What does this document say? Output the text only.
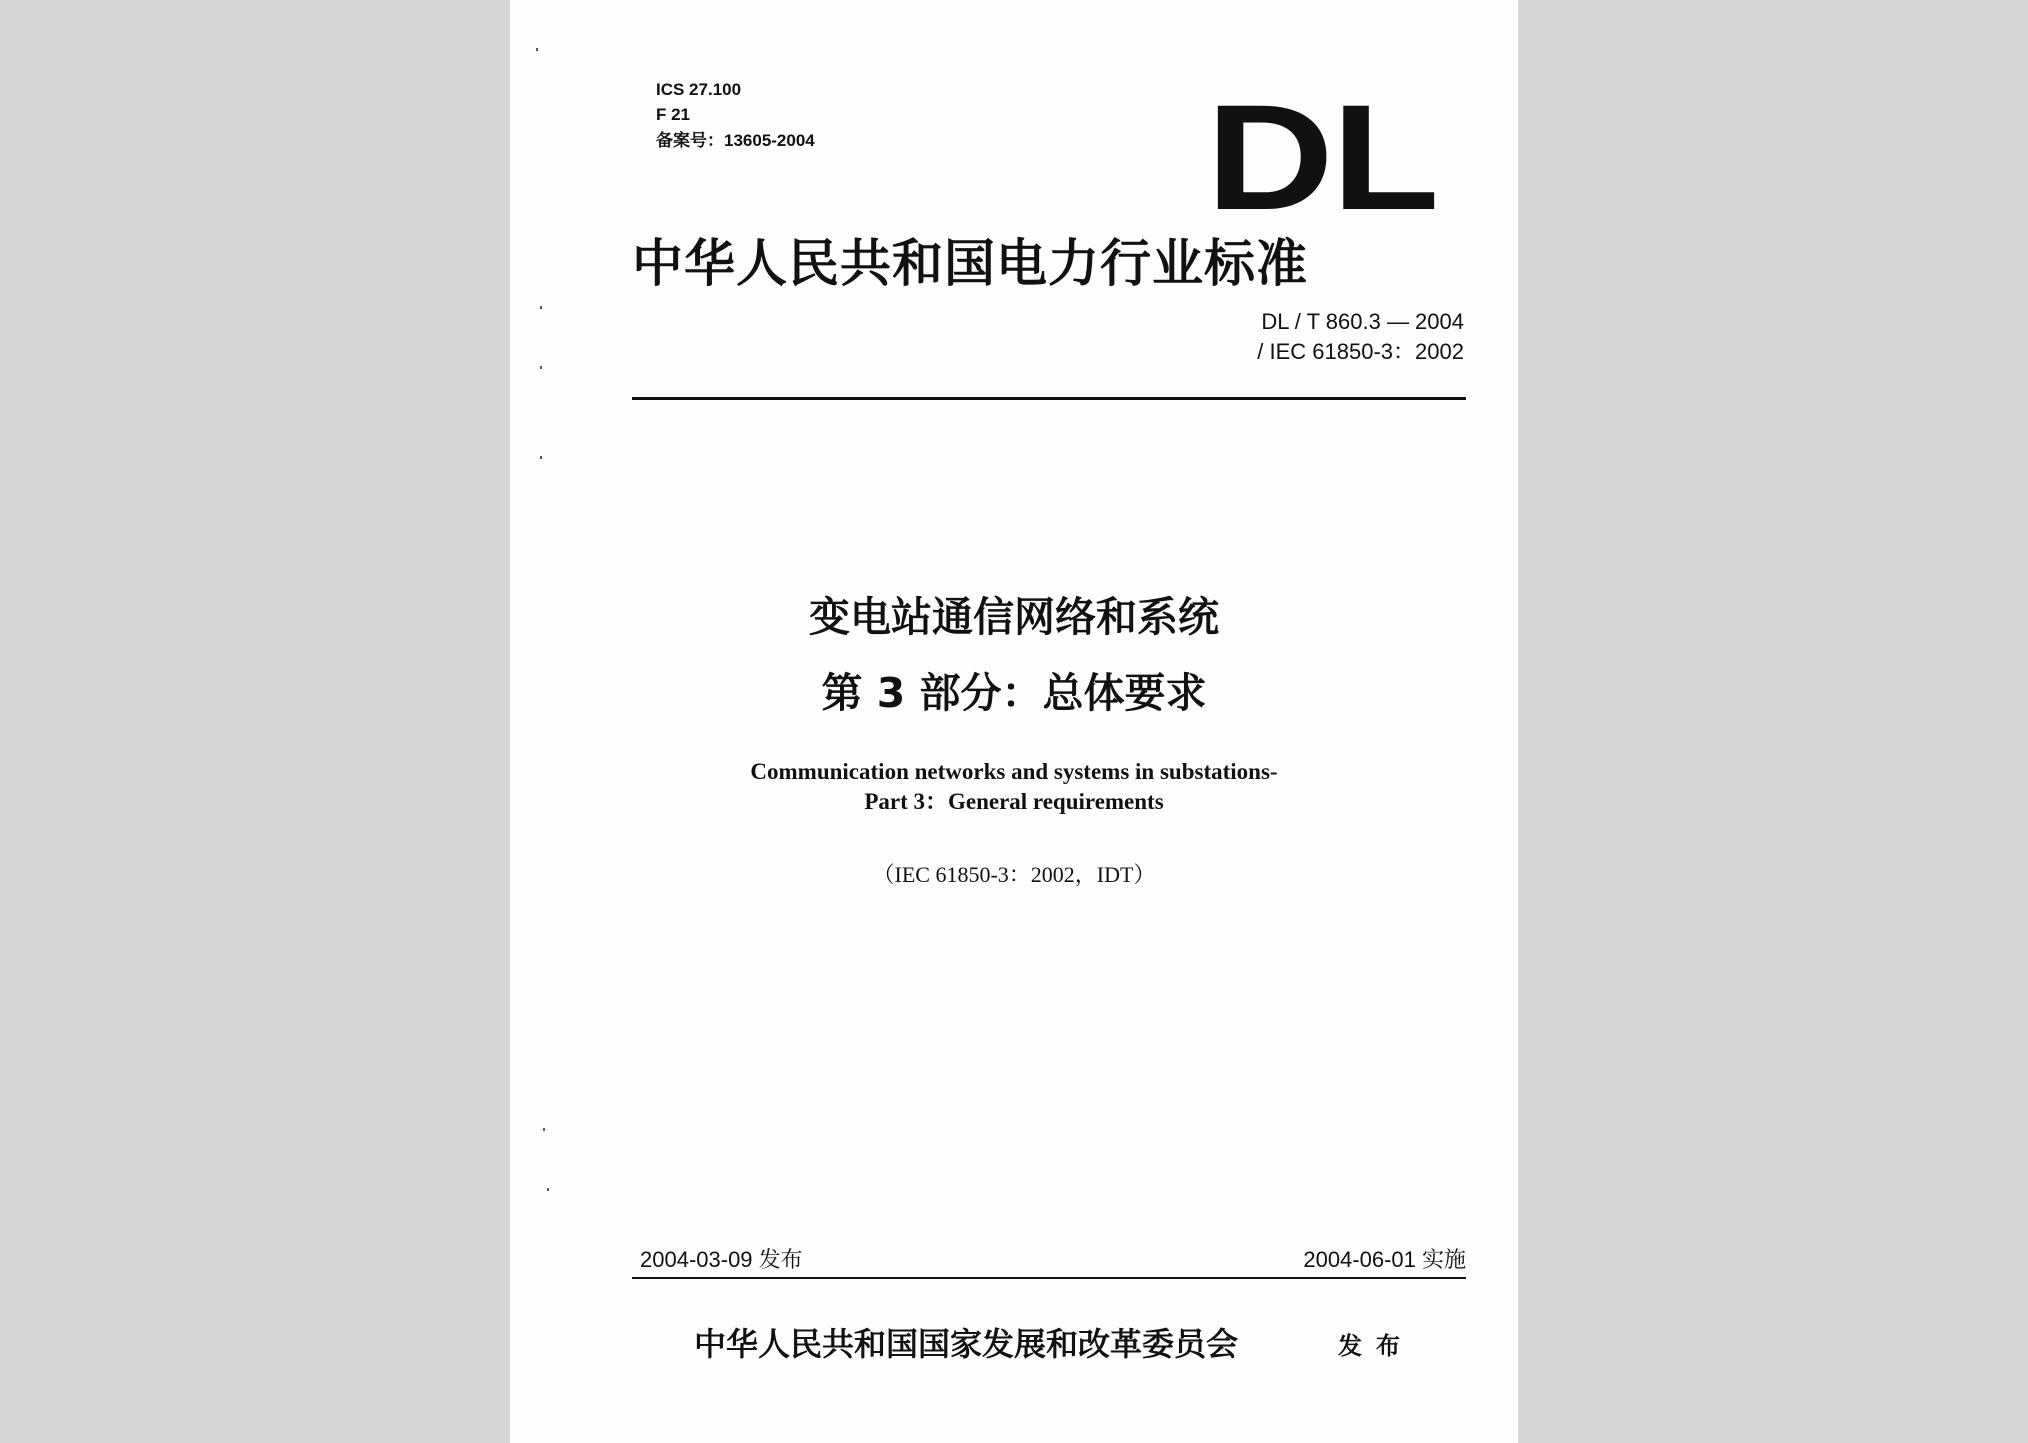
ICS 27.100
F 21
备案号：13605-2004	DL
中华人民共和国电力行业标准
DL / T 860.3 — 2004
/ IEC 61850-3：2002
变电站通信网络和系统
第 3 部分：总体要求
Communication networks and systems in substations-
Part 3：General requirements
（IEC 61850-3：2002，IDT）
2004-03-09 发布	2004-06-01 实施
中华人民共和国国家发展和改革委员会	发布
